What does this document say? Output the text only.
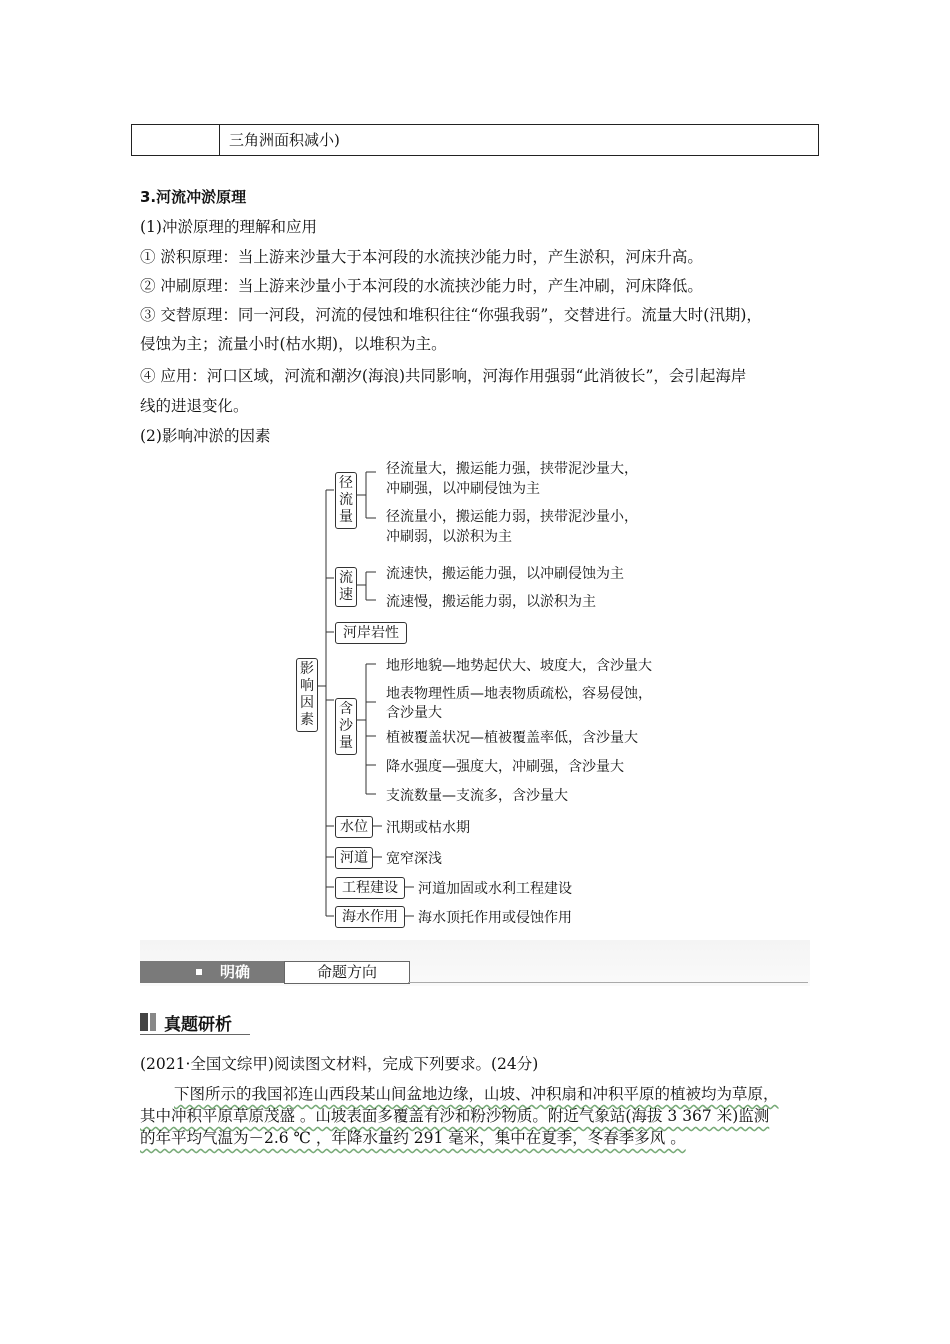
三角洲面积减小)
3.河流冲淤原理
(1)冲淤原理的理解和应用
① 淤积原理：当上游来沙量大于本河段的水流挟沙能力时，产生淤积，河床升高。
② 冲刷原理：当上游来沙量小于本河段的水流挟沙能力时，产生冲刷，河床降低。
③ 交替原理：同一河段，河流的侵蚀和堆积往往“你强我弱”，交替进行。流量大时(汛期)，
侵蚀为主；流量小时(枯水期)，以堆积为主。
④ 应用：河口区域，河流和潮汐(海浪)共同影响，河海作用强弱“此消彼长”，会引起海岸
线的进退变化。
(2)影响冲淤的因素
影响因素
径流量
径流量大，搬运能力强，挟带泥沙量大，
冲刷强，以冲刷侵蚀为主
径流量小，搬运能力弱，挟带泥沙量小，
冲刷弱，以淤积为主
流速
流速快，搬运能力强，以冲刷侵蚀为主
流速慢，搬运能力弱，以淤积为主
河岸岩性
含沙量
地形地貌—地势起伏大、坡度大，含沙量大
地表物理性质—地表物质疏松，容易侵蚀，
含沙量大
植被覆盖状况—植被覆盖率低，含沙量大
降水强度—强度大，冲刷强，含沙量大
支流数量—支流多，含沙量大
水位	汛期或枯水期
河道	宽窄深浅
工程建设	河道加固或水利工程建设
海水作用	海水顶托作用或侵蚀作用
明确	命题方向
真题研析
(2021·全国文综甲)阅读图文材料，完成下列要求。(24分)
下图所示的我国祁连山西段某山间盆地边缘，山坡、冲积扇和冲积平原的植被均为草原，
其中冲积平原草原茂盛 。山坡表面多覆盖有沙和粉沙物质。附近气象站(海拔 3 367 米)监测
的年平均气温为－2.6 ℃ ，年降水量约 291 毫米，集中在夏季，冬春季多风 。
